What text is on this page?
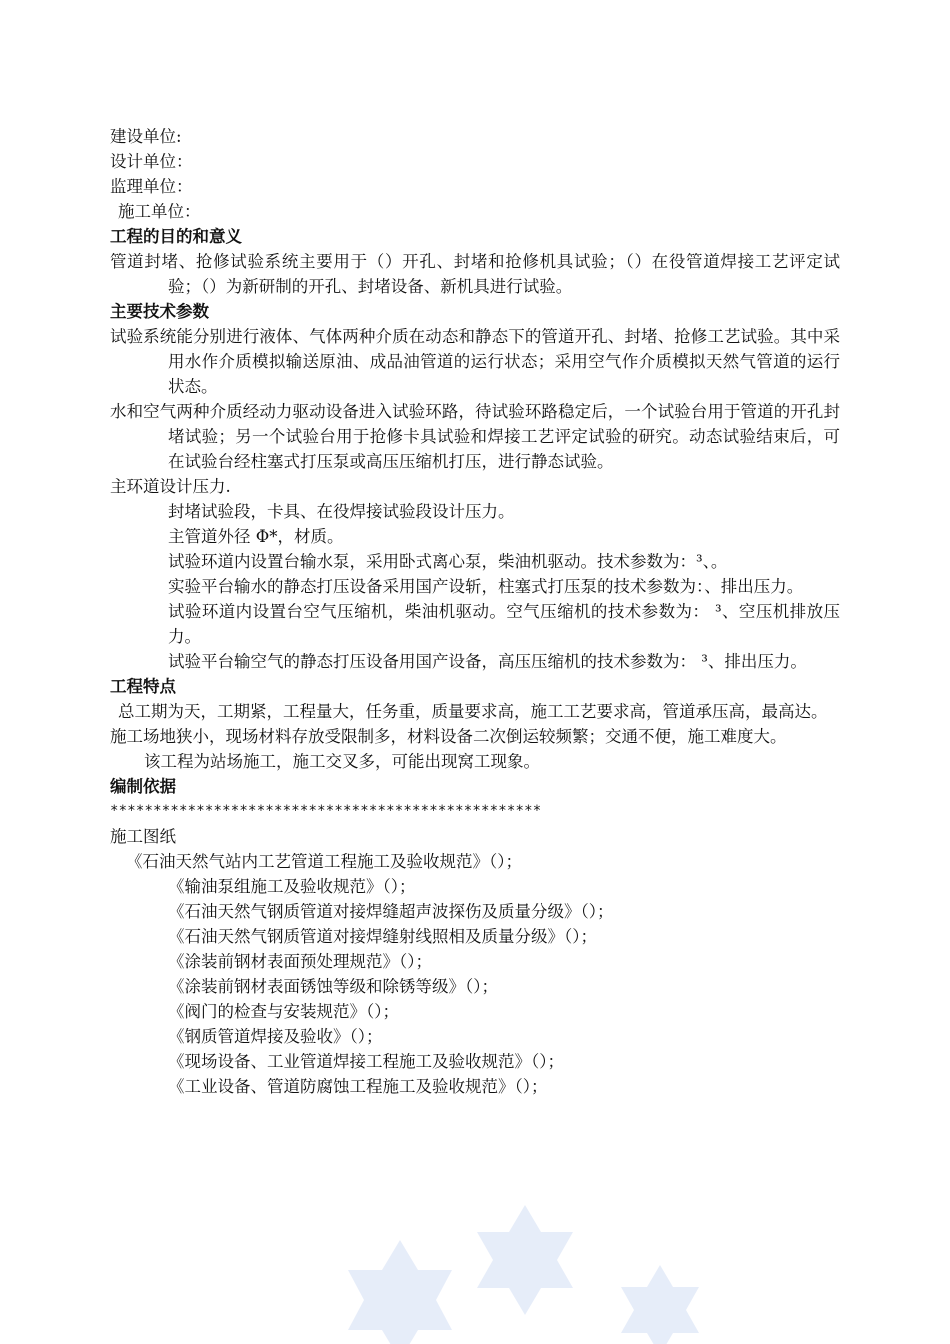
建设单位:
设计单位：
监理单位：
施工单位：
工程的目的和意义
管道封堵、抢修试验系统主要用于（）开孔、封堵和抢修机具试验；（）在役管道焊接工艺评定试验；（）为新研制的开孔、封堵设备、新机具进行试验。
主要技术参数
试验系统能分别进行液体、气体两种介质在动态和静态下的管道开孔、封堵、抢修工艺试验。其中采用水作介质模拟输送原油、成品油管道的运行状态；采用空气作介质模拟天然气管道的运行状态。
水和空气两种介质经动力驱动设备进入试验环路，待试验环路稳定后，一个试验台用于管道的开孔封堵试验；另一个试验台用于抢修卡具试验和焊接工艺评定试验的研究。动态试验结束后，可在试验台经柱塞式打压泵或高压压缩机打压，进行静态试验。
主环道设计压力.
封堵试验段，卡具、在役焊接试验段设计压力。
主管道外径 Φ*，材质。
试验环道内设置台输水泵，采用卧式离心泵，柴油机驱动。技术参数为：³、。
实验平台输水的静态打压设备采用国产设斩，柱塞式打压泵的技术参数为：、排出压力。
试验环道内设置台空气压缩机，柴油机驱动。空气压缩机的技术参数为： ³、空压机排放压力。
试验平台输空气的静态打压设备用国产设备，高压压缩机的技术参数为： ³、排出压力。
工程特点
总工期为天，工期紧，工程量大，任务重，质量要求高，施工工艺要求高，管道承压高，最高达。
施工场地狭小，现场材料存放受限制多，材料设备二次倒运较频繁；交通不便，施工难度大。
该工程为站场施工，施工交叉多，可能出现窝工现象。
编制依据
**************************************************
施工图纸
《石油天然气站内工艺管道工程施工及验收规范》（）；
《输油泵组施工及验收规范》（）；
《石油天然气钢质管道对接焊缝超声波探伤及质量分级》（）；
《石油天然气钢质管道对接焊缝射线照相及质量分级》（）；
《涂装前钢材表面预处理规范》（）；
《涂装前钢材表面锈蚀等级和除锈等级》（）；
《阀门的检查与安装规范》（）；
《钢质管道焊接及验收》（）；
《现场设备、工业管道焊接工程施工及验收规范》（）；
《工业设备、管道防腐蚀工程施工及验收规范》（）；
